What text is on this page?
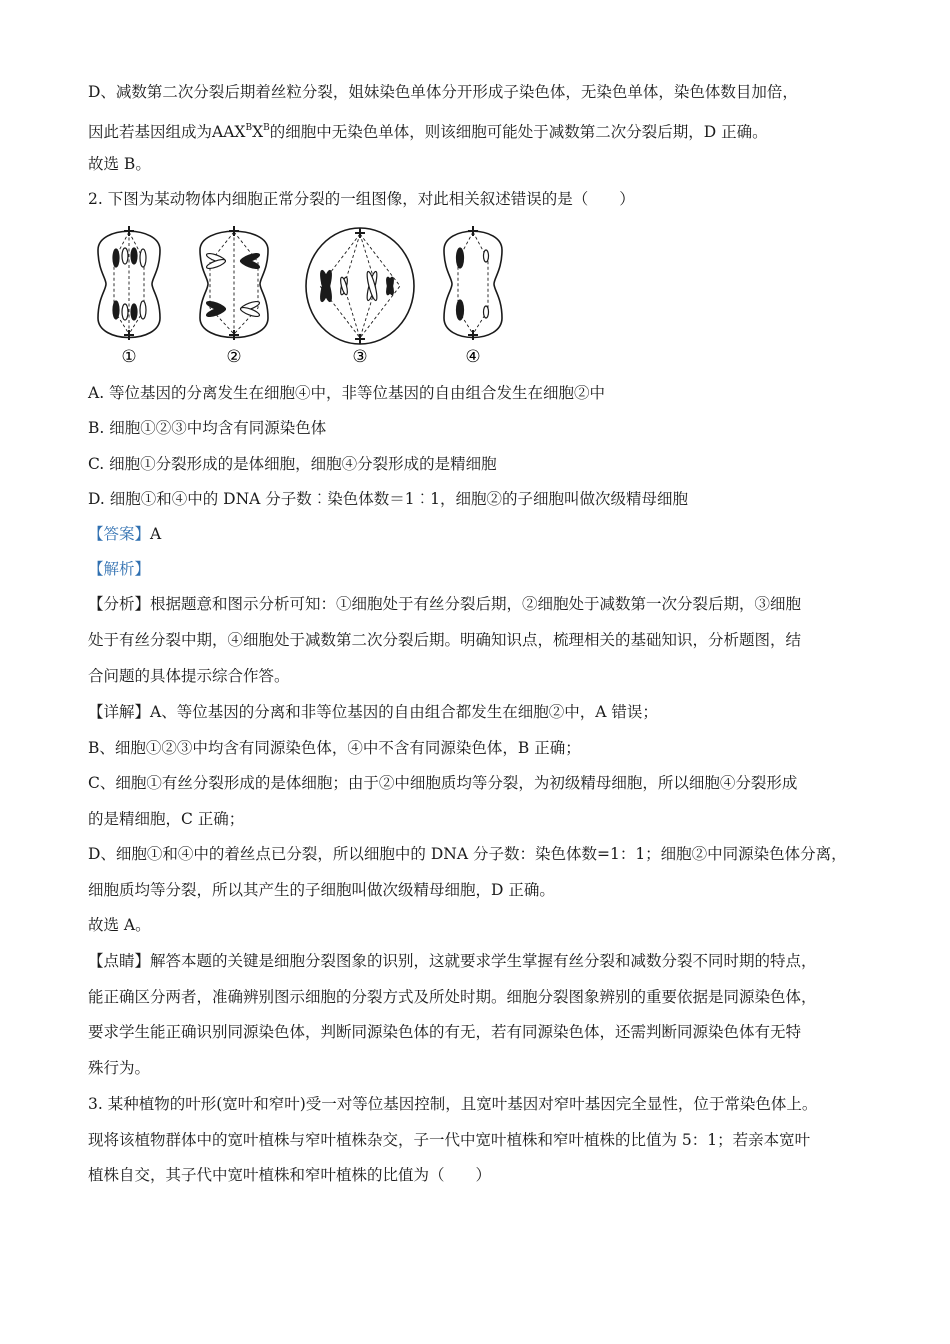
D、减数第二次分裂后期着丝粒分裂，姐妹染色单体分开形成子染色体，无染色单体，染色体数目加倍，
因此若基因组成为$AAX^BX^B$的细胞中无染色单体，则该细胞可能处于减数第二次分裂后期，D 正确。
故选 B。
2. 下图为某动物体内细胞正常分裂的一组图像，对此相关叙述错误的是（　　）
①	②	③	④
A. 等位基因的分离发生在细胞④中，非等位基因的自由组合发生在细胞②中
B. 细胞①②③中均含有同源染色体
C. 细胞①分裂形成的是体细胞，细胞④分裂形成的是精细胞
D. 细胞①和④中的 DNA 分子数︰染色体数＝1︰1，细胞②的子细胞叫做次级精母细胞
【答案】A
【解析】
【分析】根据题意和图示分析可知：①细胞处于有丝分裂后期，②细胞处于减数第一次分裂后期，③细胞
处于有丝分裂中期，④细胞处于减数第二次分裂后期。明确知识点，梳理相关的基础知识，分析题图，结
合问题的具体提示综合作答。
【详解】A、等位基因的分离和非等位基因的自由组合都发生在细胞②中，A 错误；
B、细胞①②③中均含有同源染色体，④中不含有同源染色体，B 正确；
C、细胞①有丝分裂形成的是体细胞；由于②中细胞质均等分裂，为初级精母细胞，所以细胞④分裂形成
的是精细胞，C 正确；
D、细胞①和④中的着丝点已分裂，所以细胞中的 DNA 分子数：染色体数=1：1；细胞②中同源染色体分离，
细胞质均等分裂，所以其产生的子细胞叫做次级精母细胞，D 正确。
故选 A。
【点睛】解答本题的关键是细胞分裂图象的识别，这就要求学生掌握有丝分裂和减数分裂不同时期的特点，
能正确区分两者，准确辨别图示细胞的分裂方式及所处时期。细胞分裂图象辨别的重要依据是同源染色体，
要求学生能正确识别同源染色体，判断同源染色体的有无，若有同源染色体，还需判断同源染色体有无特
殊行为。
3. 某种植物的叶形(宽叶和窄叶)受一对等位基因控制，且宽叶基因对窄叶基因完全显性，位于常染色体上。
现将该植物群体中的宽叶植株与窄叶植株杂交，子一代中宽叶植株和窄叶植株的比值为 5：1；若亲本宽叶
植株自交，其子代中宽叶植株和窄叶植株的比值为（　　）
